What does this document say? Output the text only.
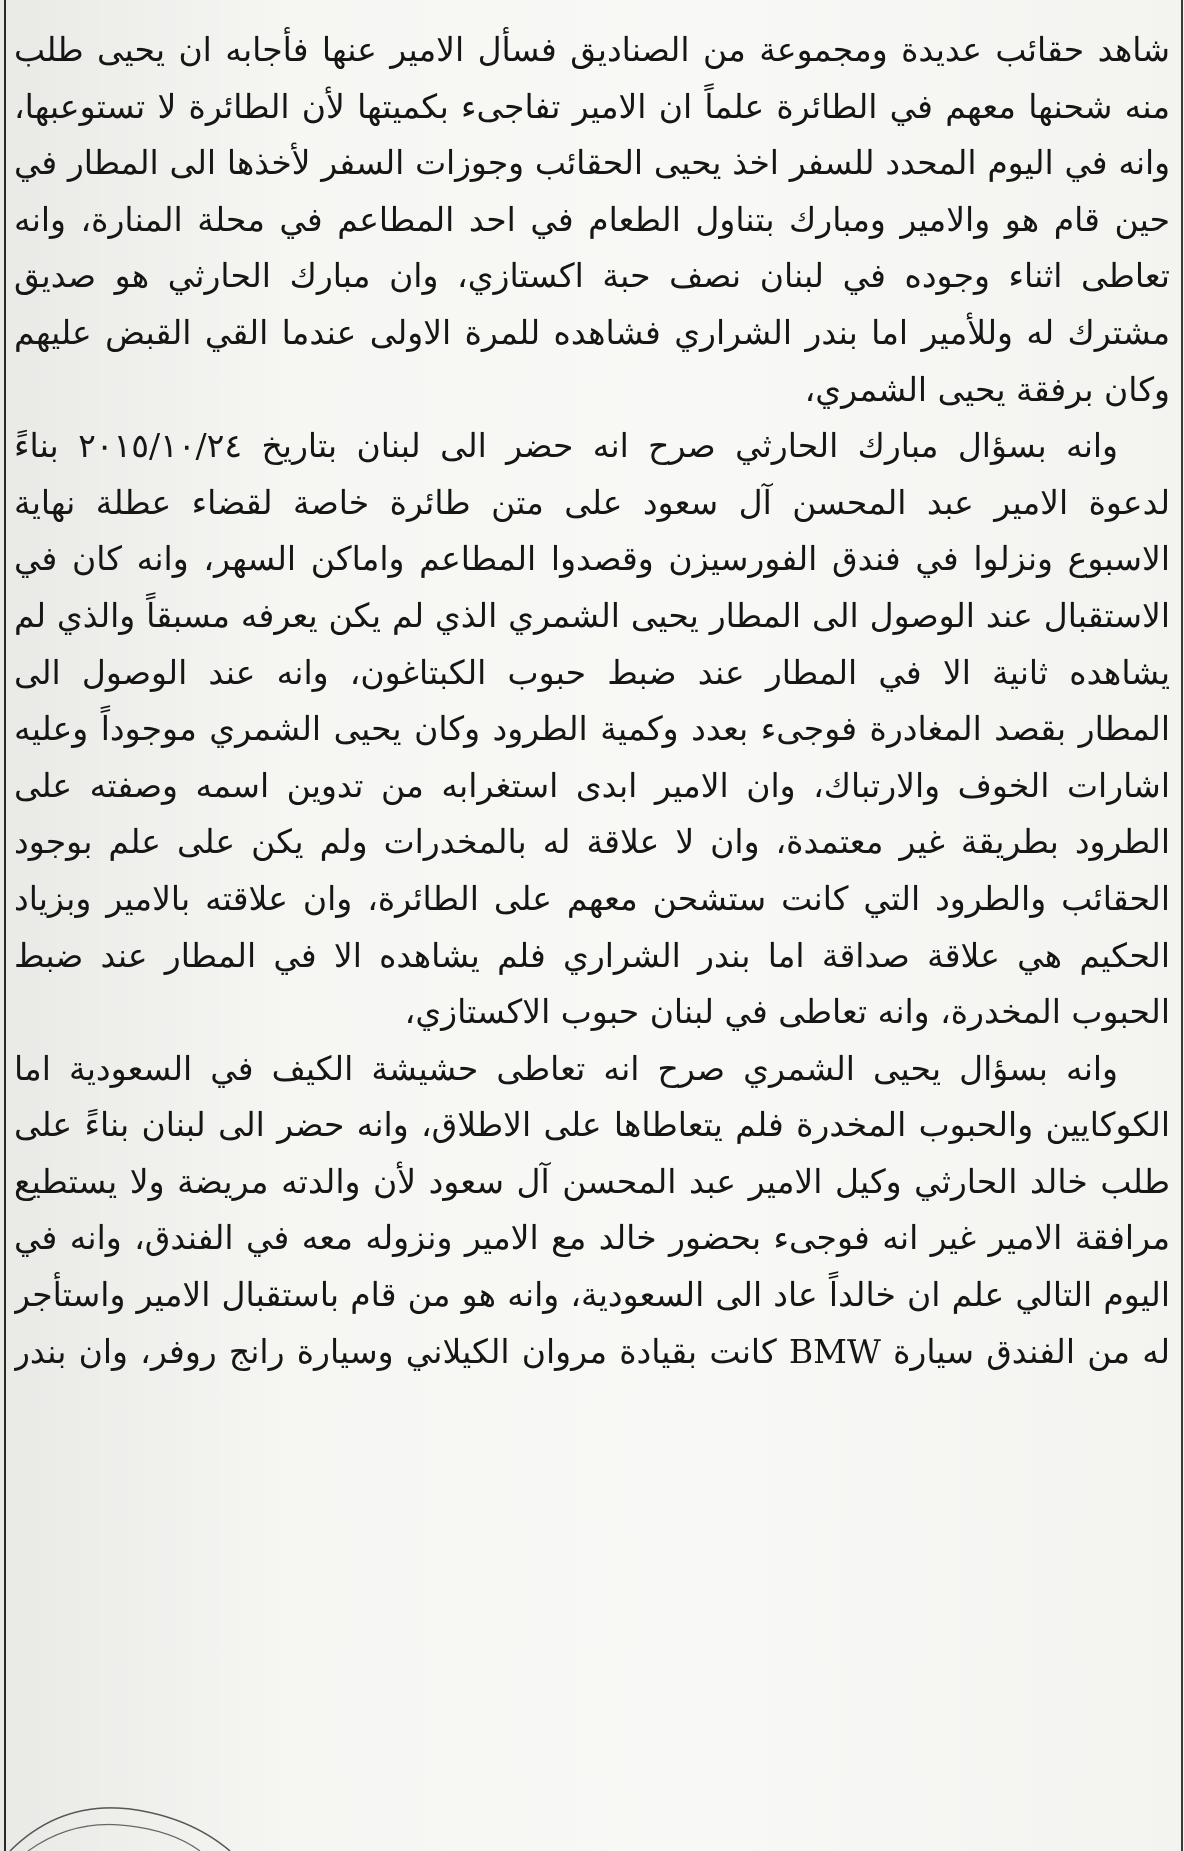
شاهد حقائب عديدة ومجموعة من الصناديق فسأل الامير عنها فأجابه ان يحيى طلب
منه شحنها معهم في الطائرة علماً ان الامير تفاجىء بكميتها لأن الطائرة لا تستوعبها،
وانه في اليوم المحدد للسفر اخذ يحيى الحقائب وجوزات السفر لأخذها الى المطار في
حين قام هو والامير ومبارك بتناول الطعام في احد المطاعم في محلة المنارة، وانه
تعاطى اثناء وجوده في لبنان نصف حبة اكستازي، وان مبارك الحارثي هو صديق
مشترك له وللأمير اما بندر الشراري فشاهده للمرة الاولى عندما القي القبض عليهم
وكان برفقة يحيى الشمري،
وانه بسؤال مبارك الحارثي صرح انه حضر الى لبنان بتاريخ ٢٠١٥/١٠/٢٤ بناءً
لدعوة الامير عبد المحسن آل سعود على متن طائرة خاصة لقضاء عطلة نهاية
الاسبوع ونزلوا في فندق الفورسيزن وقصدوا المطاعم واماكن السهر، وانه كان في
الاستقبال عند الوصول الى المطار يحيى الشمري الذي لم يكن يعرفه مسبقاً والذي لم
يشاهده ثانية الا في المطار عند ضبط حبوب الكبتاغون، وانه عند الوصول الى
المطار بقصد المغادرة فوجىء بعدد وكمية الطرود وكان يحيى الشمري موجوداً وعليه
اشارات الخوف والارتباك، وان الامير ابدى استغرابه من تدوين اسمه وصفته على
الطرود بطريقة غير معتمدة، وان لا علاقة له بالمخدرات ولم يكن على علم بوجود
الحقائب والطرود التي كانت ستشحن معهم على الطائرة، وان علاقته بالامير وبزياد
الحكيم هي علاقة صداقة اما بندر الشراري فلم يشاهده الا في المطار عند ضبط
الحبوب المخدرة، وانه تعاطى في لبنان حبوب الاكستازي،
وانه بسؤال يحيى الشمري صرح انه تعاطى حشيشة الكيف في السعودية اما
الكوكايين والحبوب المخدرة فلم يتعاطاها على الاطلاق، وانه حضر الى لبنان بناءً على
طلب خالد الحارثي وكيل الامير عبد المحسن آل سعود لأن والدته مريضة ولا يستطيع
مرافقة الامير غير انه فوجىء بحضور خالد مع الامير ونزوله معه في الفندق، وانه في
اليوم التالي علم ان خالداً عاد الى السعودية، وانه هو من قام باستقبال الامير واستأجر
له من الفندق سيارة BMW كانت بقيادة مروان الكيلاني وسيارة رانج روفر، وان بندر
